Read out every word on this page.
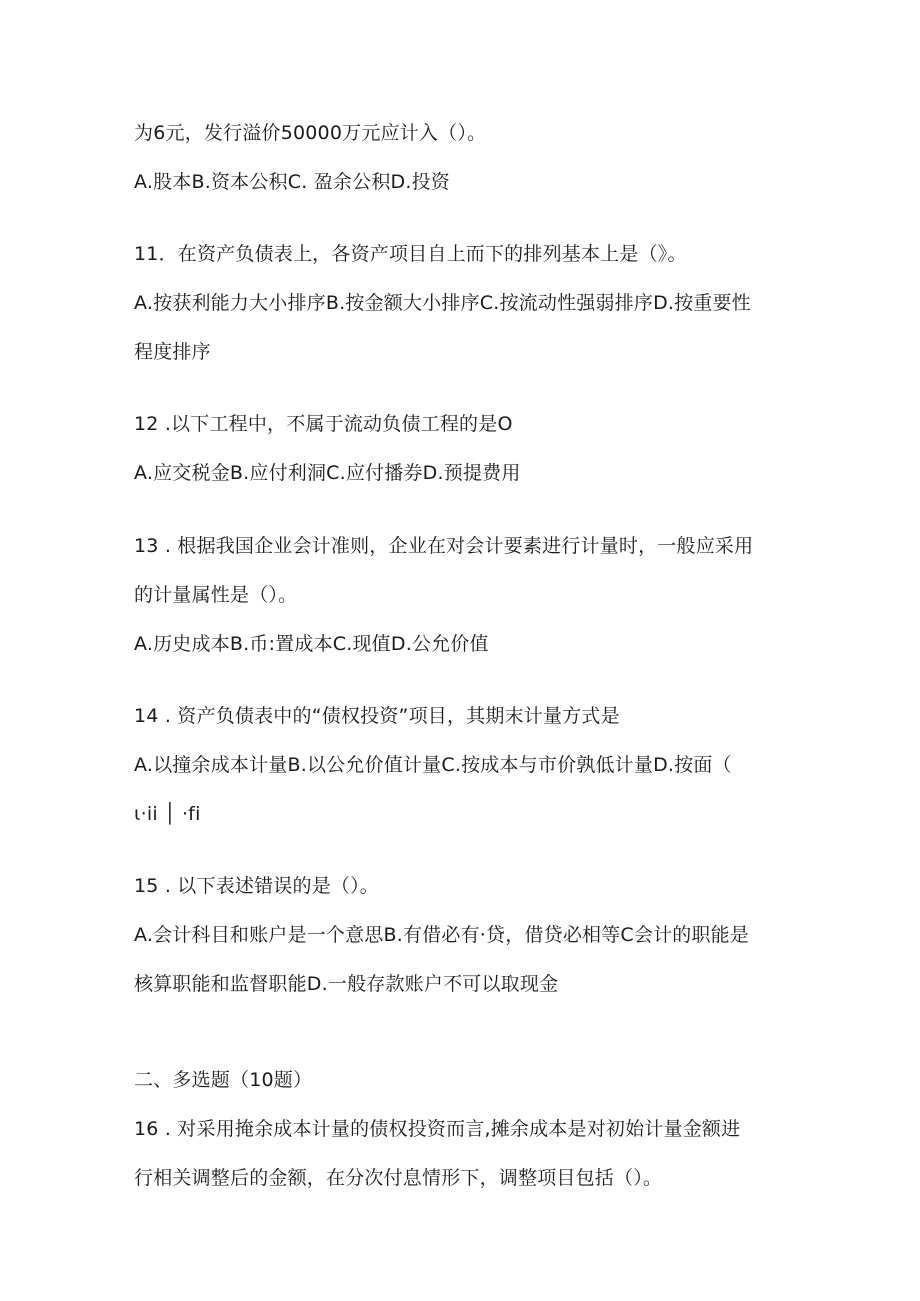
为6元，发行溢价50000万元应计入（）。
A.股本B.资本公积C. 盈余公积D.投资
11．在资产负债表上，各资产项目自上而下的排列基本上是（》。
A.按获利能力大小排序B.按金额大小排序C.按流动性强弱排序D.按重要性
程度排序
12 .以下工程中，不属于流动负债工程的是O
A.应交税金B.应付利洞C.应付播券D.预提费用
13 . 根据我国企业会计准则，企业在对会计要素进行计量时，一般应采用
的计量属性是（）。
A.历史成本B.币:置成本C.现值D.公允价值
14 . 资产负债表中的“债权投资”项目，其期末计量方式是
A.以撞余成本计量B.以公允价值计量C.按成本与市价孰低计量D.按面（
ι·ii │ ·fi
15 . 以下表述错误的是（）。
A.会计科目和账户是一个意思B.有借必有·贷，借贷必相等C会计的职能是
核算职能和监督职能D.一般存款账户不可以取现金
二、多选题（10题）
16 . 对采用掩余成本计量的债权投资而言,摊余成本是对初始计量金额进
行相关调整后的金额，在分次付息情形下，调整项目包括（）。
